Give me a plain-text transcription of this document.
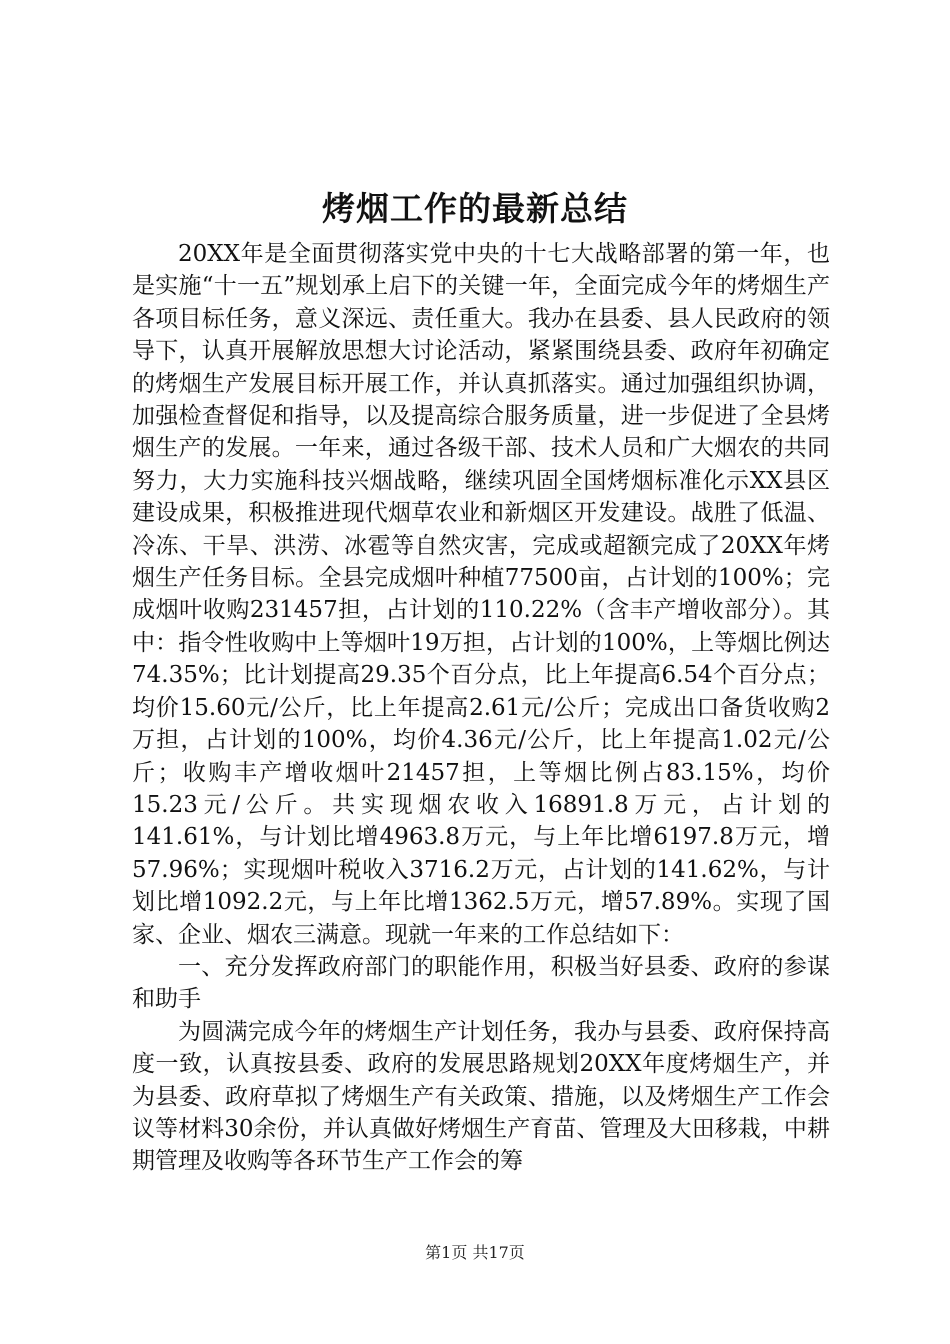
烤烟工作的最新总结

20XX年是全面贯彻落实党中央的十七大战略部署的第一年，也是实施“十一五”规划承上启下的关键一年，全面完成今年的烤烟生产各项目标任务，意义深远、责任重大。我办在县委、县人民政府的领导下，认真开展解放思想大讨论活动，紧紧围绕县委、政府年初确定的烤烟生产发展目标开展工作，并认真抓落实。通过加强组织协调，加强检查督促和指导，以及提高综合服务质量，进一步促进了全县烤烟生产的发展。一年来，通过各级干部、技术人员和广大烟农的共同努力，大力实施科技兴烟战略，继续巩固全国烤烟标准化示XX县区建设成果，积极推进现代烟草农业和新烟区开发建设。战胜了低温、冷冻、干旱、洪涝、冰雹等自然灾害，完成或超额完成了20XX年烤烟生产任务目标。全县完成烟叶种植77500亩，占计划的100%；完成烟叶收购231457担，占计划的110.22%（含丰产增收部分）。其中：指令性收购中上等烟叶19万担，占计划的100%，上等烟比例达74.35%；比计划提高29.35个百分点，比上年提高6.54个百分点；均价15.60元/公斤，比上年提高2.61元/公斤；完成出口备货收购2万担，占计划的100%，均价4.36元/公斤，比上年提高1.02元/公斤；收购丰产增收烟叶21457担，上等烟比例占83.15%，均价15.23元/公斤。共实现烟农收入16891.8万元，占计划的141.61%，与计划比增4963.8万元，与上年比增6197.8万元，增57.96%；实现烟叶税收入3716.2万元，占计划的141.62%，与计划比增1092.2元，与上年比增1362.5万元，增57.89%。实现了国家、企业、烟农三满意。现就一年来的工作总结如下：

一、充分发挥政府部门的职能作用，积极当好县委、政府的参谋和助手

为圆满完成今年的烤烟生产计划任务，我办与县委、政府保持高度一致，认真按县委、政府的发展思路规划20XX年度烤烟生产，并为县委、政府草拟了烤烟生产有关政策、措施，以及烤烟生产工作会议等材料30余份，并认真做好烤烟生产育苗、管理及大田移栽，中耕期管理及收购等各环节生产工作会的筹

第1页 共17页
